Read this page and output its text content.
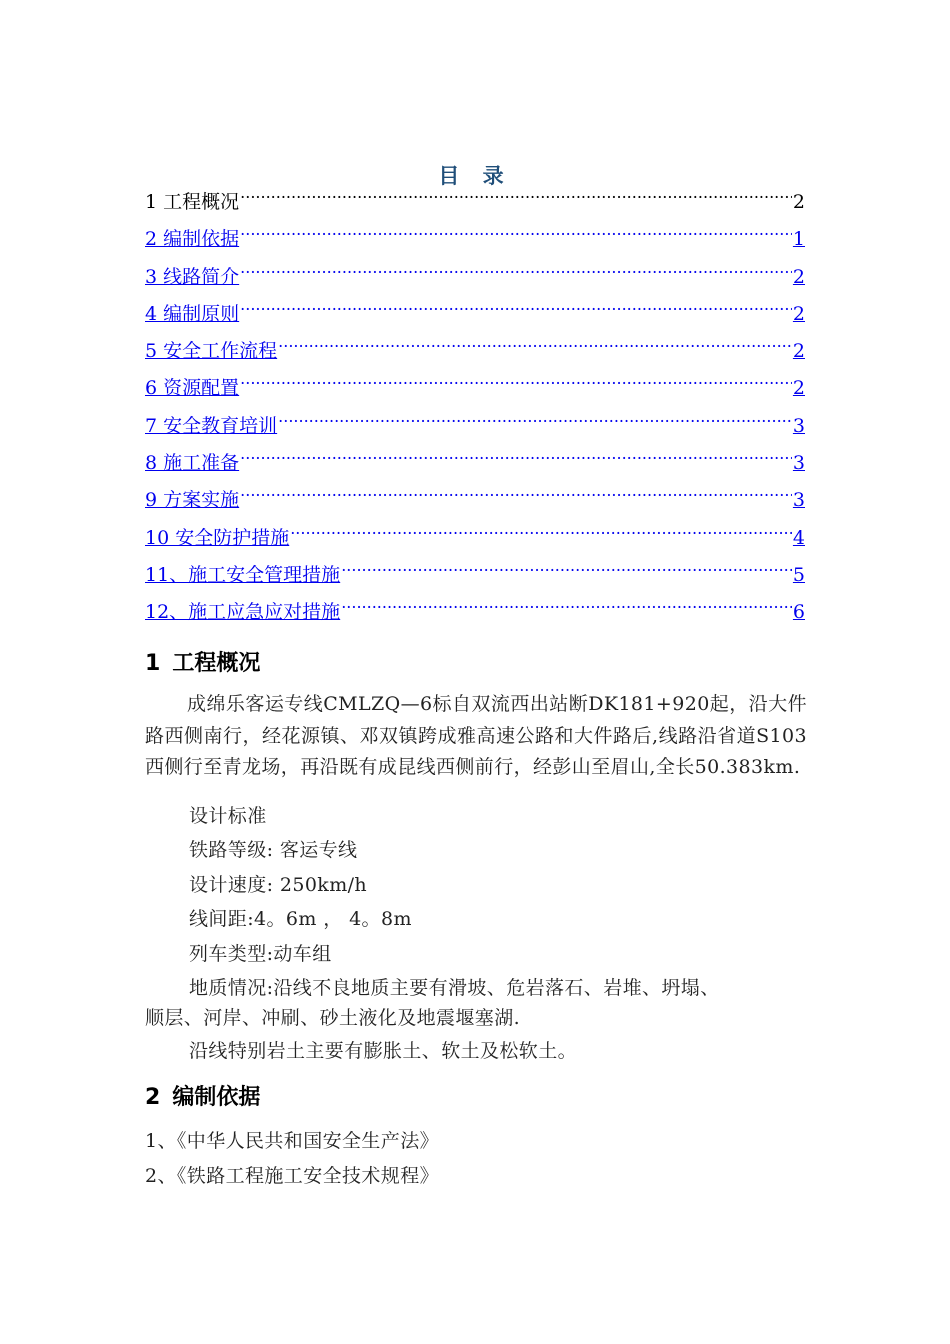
目 录
1 工程概况 .....	2
2 编制依据 .....	1
3 线路简介 .....	2
4 编制原则 .....	2
5 安全工作流程 .....	2
6 资源配置 .....	2
7 安全教育培训 .....	3
8 施工准备 .....	3
9 方案实施 .....	3
10 安全防护措施 .....	4
11、施工安全管理措施 .....	5
12、施工应急应对措施 .....	6
1 工程概况
成绵乐客运专线CMLZQ—6标自双流西出站断DK181+920起，沿大件路西侧南行，经花源镇、邓双镇跨成雅高速公路和大件路后,线路沿省道S103西侧行至青龙场，再沿既有成昆线西侧前行，经彭山至眉山,全长50.383km.
设计标准
铁路等级: 客运专线
设计速度: 250km/h
线间距:4。6m ， 4。8m
列车类型:动车组
地质情况:沿线不良地质主要有滑坡、危岩落石、岩堆、坍塌、
顺层、河岸、冲刷、砂土液化及地震堰塞湖.
沿线特别岩土主要有膨胀土、软土及松软土。
2 编制依据
1、《中华人民共和国安全生产法》
2、《铁路工程施工安全技术规程》
